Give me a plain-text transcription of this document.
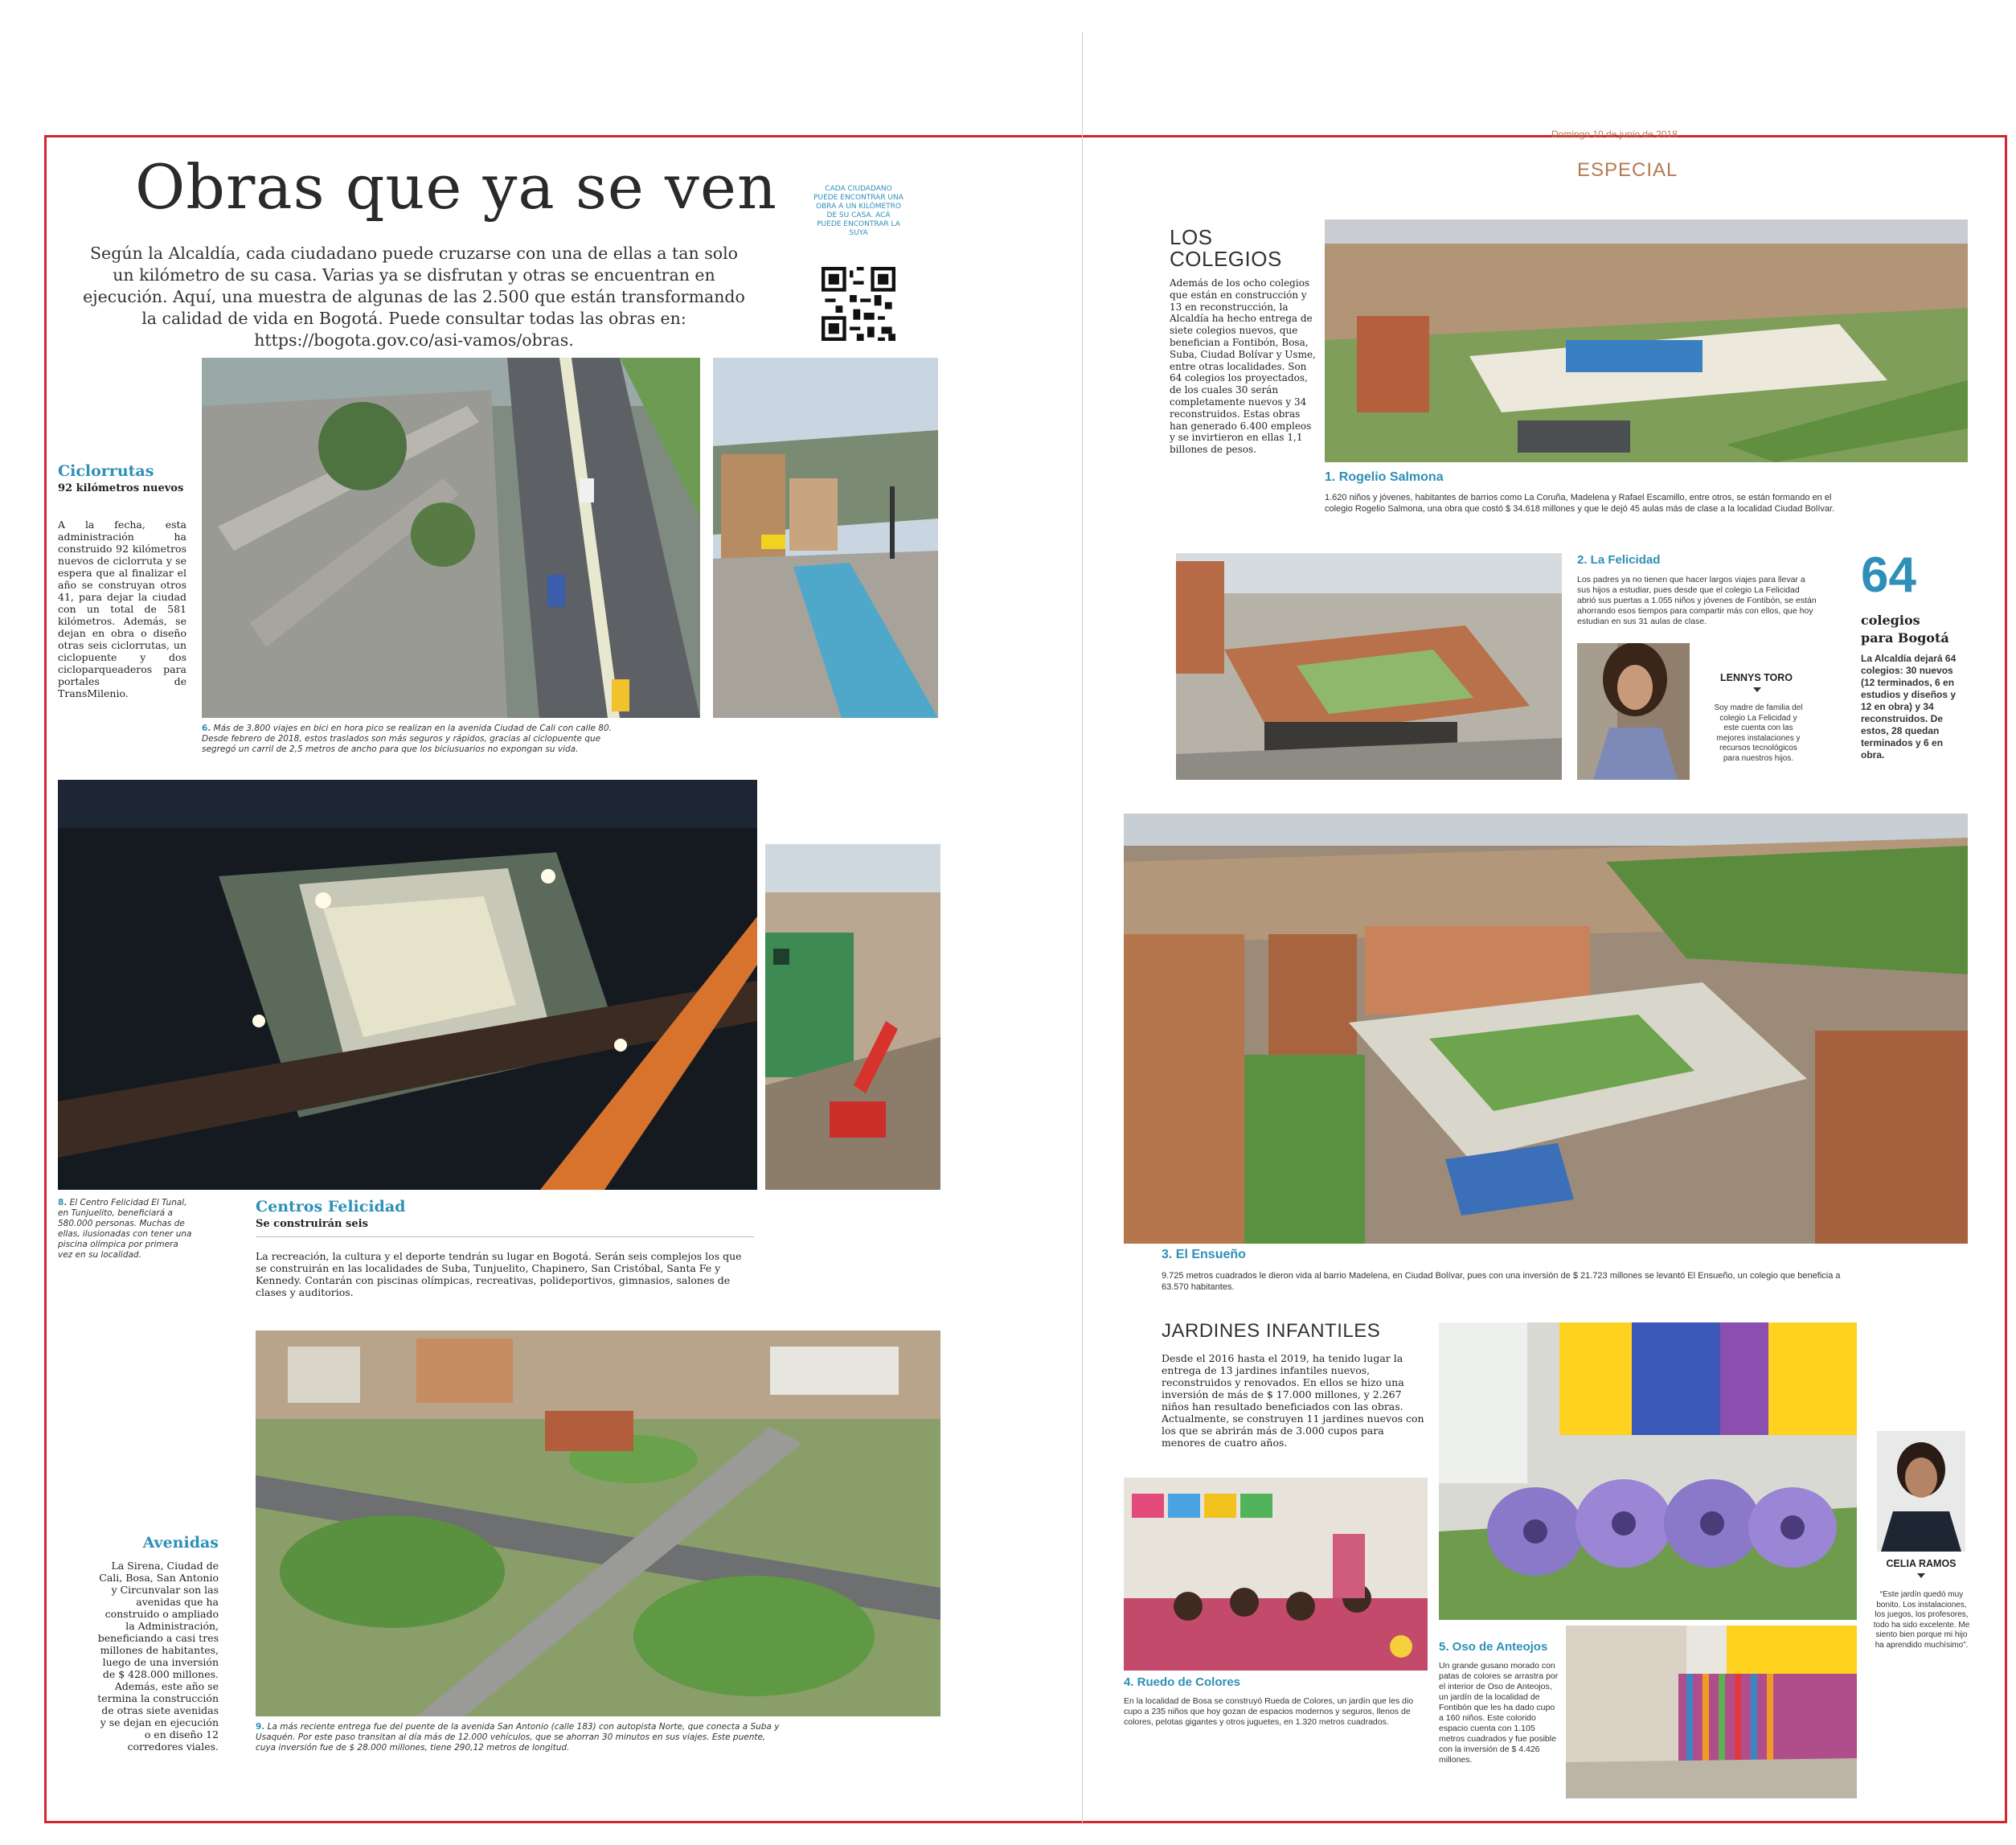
Obras que ya se ven
Según la Alcaldía, cada ciudadano puede cruzarse con una de ellas a tan solo un kilómetro de su casa. Varias ya se disfrutan y otras se encuentran en ejecución. Aquí, una muestra de algunas de las 2.500 que están transformando la calidad de vida en Bogotá. Puede consultar todas las obras en: https://bogota.gov.co/asi-vamos/obras.
CADA CIUDADANO PUEDE ENCONTRAR UNA OBRA A UN KILÓMETRO DE SU CASA. ACÁ PUEDE ENCONTRAR LA SUYA
Ciclorrutas
92 kilómetros nuevos
A la fecha, esta administración ha construido 92 kilómetros nuevos de ciclorruta y se espera que al finalizar el año se construyan otros 41, para dejar la ciudad con un total de 581 kilómetros. Además, se dejan en obra o diseño otras seis ciclorrutas, un ciclopuente y dos cicloparqueaderos para portales de TransMilenio.
6. Más de 3.800 viajes en bici en hora pico se realizan en la avenida Ciudad de Cali con calle 80. Desde febrero de 2018, estos traslados son más seguros y rápidos, gracias al ciclopuente que segregó un carril de 2,5 metros de ancho para que los biciusuarios no expongan su vida.
8. El Centro Felicidad El Tunal, en Tunjuelito, beneficiará a 580.000 personas. Muchas de ellas, ilusionadas con tener una piscina olímpica por primera vez en su localidad.
Centros Felicidad
Se construirán seis
La recreación, la cultura y el deporte tendrán su lugar en Bogotá. Serán seis complejos los que se construirán en las localidades de Suba, Tunjuelito, Chapinero, San Cristóbal, Santa Fe y Kennedy. Contarán con piscinas olímpicas, recreativas, polideportivos, gimnasios, salones de clases y auditorios.
Avenidas
La Sirena, Ciudad de Cali, Bosa, San Antonio y Circunvalar son las avenidas que ha construido o ampliado la Administración, beneficiando a casi tres millones de habitantes, luego de una inversión de $ 428.000 millones. Además, este año se termina la construcción de otras siete avenidas y se dejan en ejecución o en diseño 12 corredores viales.
9. La más reciente entrega fue del puente de la avenida San Antonio (calle 183) con autopista Norte, que conecta a Suba y Usaquén. Por este paso transitan al día más de 12.000 vehículos, que se ahorran 30 minutos en sus viajes. Este puente, cuya inversión fue de $ 28.000 millones, tiene 290,12 metros de longitud.
Domingo 10 de junio de 2018
ESPECIAL
LOS
COLEGIOS
Además de los ocho colegios que están en construcción y 13 en reconstrucción, la Alcaldía ha hecho entrega de siete colegios nuevos, que benefician a Fontibón, Bosa, Suba, Ciudad Bolívar y Usme, entre otras localidades. Son 64 colegios los proyectados, de los cuales 30 serán completamente nuevos y 34 reconstruidos. Estas obras han generado 6.400 empleos y se invirtieron en ellas 1,1 billones de pesos.
1. Rogelio Salmona
1.620 niños y jóvenes, habitantes de barrios como La Coruña, Madelena y Rafael Escamillo, entre otros, se están formando en el colegio Rogelio Salmona, una obra que costó $ 34.618 millones y que le dejó 45 aulas más de clase a la localidad Ciudad Bolívar.
2. La Felicidad
Los padres ya no tienen que hacer largos viajes para llevar a sus hijos a estudiar, pues desde que el colegio La Felicidad abrió sus puertas a 1.055 niños y jóvenes de Fontibón, se están ahorrando esos tiempos para compartir más con ellos, que hoy estudian en sus 31 aulas de clase.
LENNYS TORO
Soy madre de familia del colegio La Felicidad y este cuenta con las mejores instalaciones y recursos tecnológicos para nuestros hijos.
64
colegios
para Bogotá
La Alcaldía dejará 64 colegios: 30 nuevos (12 terminados, 6 en estudios y diseños y 12 en obra) y 34 reconstruidos. De estos, 28 quedan terminados y 6 en obra.
3. El Ensueño
9.725 metros cuadrados le dieron vida al barrio Madelena, en Ciudad Bolívar, pues con una inversión de $ 21.723 millones se levantó El Ensueño, un colegio que beneficia a 63.570 habitantes.
JARDINES INFANTILES
Desde el 2016 hasta el 2019, ha tenido lugar la entrega de 13 jardines infantiles nuevos, reconstruidos y renovados. En ellos se hizo una inversión de más de $ 17.000 millones, y 2.267 niños han resultado beneficiados con las obras. Actualmente, se construyen 11 jardines nuevos con los que se abrirán más de 3.000 cupos para menores de cuatro años.
4. Ruedo de Colores
En la localidad de Bosa se construyó Rueda de Colores, un jardín que les dio cupo a 235 niños que hoy gozan de espacios modernos y seguros, llenos de colores, pelotas gigantes y otros juguetes, en 1.320 metros cuadrados.
5. Oso de Anteojos
Un grande gusano morado con patas de colores se arrastra por el interior de Oso de Anteojos, un jardín de la localidad de Fontibón que les ha dado cupo a 160 niños. Este colorido espacio cuenta con 1.105 metros cuadrados y fue posible con la inversión de $ 4.426 millones.
CELIA RAMOS
“Este jardín quedó muy bonito. Los instalaciones, los juegos, los profesores, todo ha sido excelente. Me siento bien porque mi hijo ha aprendido muchísimo”.
